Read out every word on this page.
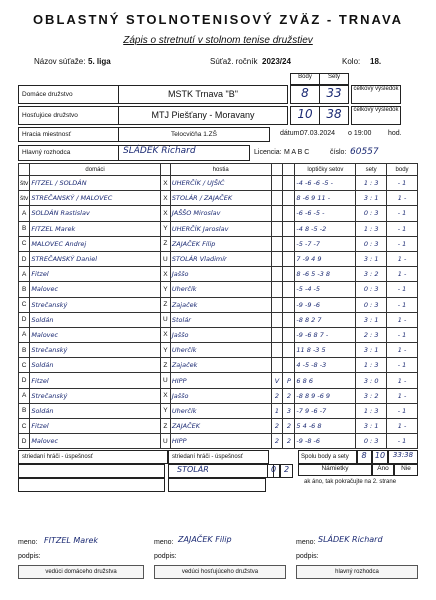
OBLASTNÝ STOLNOTENISOVÝ ZVÄZ - TRNAVA
Zápis o stretnutí v stolnom tenise družstiev
Názov súťaže: 5. liga	Súťaž. ročník 2023/24	Kolo: 18.
Body	Sety
Domáce družstvo	MSTK Trnava "B"	8	33	celkový výsledok
Hosťujúce družstvo	MTJ Piešťany - Moravany	10	38	celkový výsledok
Hracia miestnosť	Telocvičňa 1.ZŠ	dátum:
07.03.2024 o 19:00 hod.
Hlavný rozhodca	SLÁDEK Richard	Licencia: M A B C	číslo: 60557
	domáci		hostia			loptičky setov	sety	body
štv	FITZEL / SOLDÁN	X	UHERČÍK / UJŠIĆ			-4 -6 -6 -5 -	1 : 3	- 1
štv	STREČANSKÝ / MALOVEC	X	STOLÁR / ZAJAČEK			8 -6 9 11 -	3 : 1	1 -
A	SOLDÁN Rastislav	X	JAŠŠO Miroslav			-6 -6 -5 -	0 : 3	- 1
B	FITZEL Marek	Y	UHERČÍK Jaroslav			-4 8 -5 -2	1 : 3	- 1
C	MALOVEC Andrej	Z	ZAJAČEK Filip			-5 -7 -7	0 : 3	- 1
D	STREČANSKÝ Daniel	U	STOLÁR Vladimír			7 -9 4 9	3 : 1	1 -
A	Fitzel	X	Jaššo			8 -6 5 -3 8	3 : 2	1 -
B	Malovec	Y	Uherčík			-5 -4 -5	0 : 3	- 1
C	Strečanský	Z	Zajaček			-9 -9 -6	0 : 3	- 1
D	Soldán	U	Stolár			-8 8 2 7	3 : 1	1 -
A	Malovec	X	Jaššo			-9 -6 8 7 -	2 : 3	- 1
B	Strečanský	Y	Uherčík			11 8 -3 5	3 : 1	1 -
C	Soldán	Z	Zajaček			4 -5 -8 -3	1 : 3	- 1
D	Fitzel	U	HIPP	V	P	6 8 6	3 : 0	1 -
A	Strečanský	X	Jaššo	2	2	-8 8 9 -6 9	3 : 2	1 -
B	Soldán	Y	Uherčík	1	3	-7 9 -6 -7	1 : 3	- 1
C	Fitzel	Z	ZAJAČEK	2	2	5 4 -6 8	3 : 1	1 -
D	Malovec	U	HIPP	2	2	-9 -8 -6	0 : 3	- 1
striedaní hráči - úspešnosť	striedaní hráči - úspešnosť
STOLÁR	0 2
Spolu body a sety	8	10	33:38
Námietky	Áno	Nie
ak áno, tak pokračujte na 2. strane
meno: FITZEL Marek
podpis:
vedúci domáceho družstva
meno: ZAJAČEK Filip
podpis:
vedúci hosťujúceho družstva
meno: SLÁDEK Richard
podpis:
hlavný rozhodca
